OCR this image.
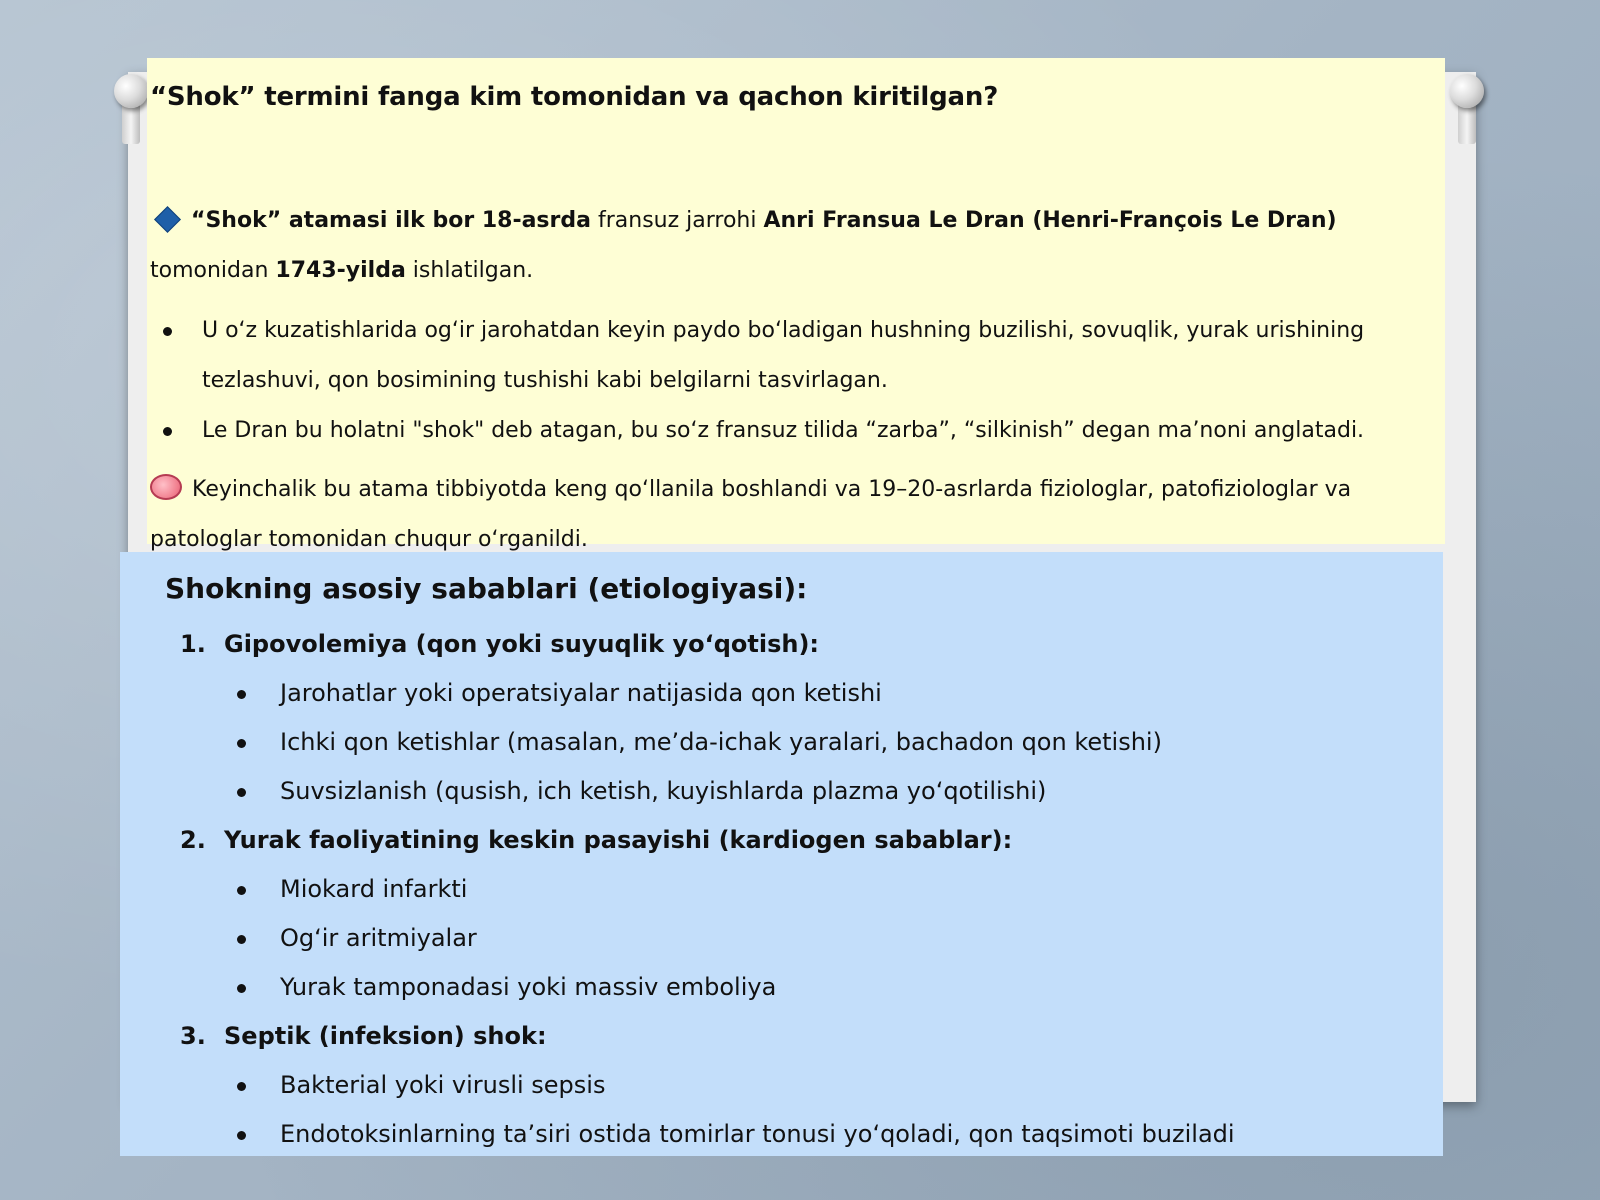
“Shok” termini fanga kim tomonidan va qachon kiritilgan?
“Shok” atamasi ilk bor 18-asrda fransuz jarrohi Anri Fransua Le Dran (Henri-François Le Dran) tomonidan 1743-yilda ishlatilgan.
U o‘z kuzatishlarida og‘ir jarohatdan keyin paydo bo‘ladigan hushning buzilishi, sovuqlik, yurak urishining tezlashuvi, qon bosimining tushishi kabi belgilarni tasvirlagan.
Le Dran bu holatni "shok" deb atagan, bu so‘z fransuz tilida “zarba”, “silkinish” degan ma’noni anglatadi.
Keyinchalik bu atama tibbiyotda keng qo‘llanila boshlandi va 19–20-asrlarda fiziologlar, patofiziologlar va patologlar tomonidan chuqur o‘rganildi.
Shokning asosiy sabablari (etiologiyasi):
1. Gipovolemiya (qon yoki suyuqlik yo‘qotish):
Jarohatlar yoki operatsiyalar natijasida qon ketishi
Ichki qon ketishlar (masalan, me’da-ichak yaralari, bachadon qon ketishi)
Suvsizlanish (qusish, ich ketish, kuyishlarda plazma yo‘qotilishi)
2. Yurak faoliyatining keskin pasayishi (kardiogen sabablar):
Miokard infarkti
Og‘ir aritmiyalar
Yurak tamponadasi yoki massiv emboliya
3. Septik (infeksion) shok:
Bakterial yoki virusli sepsis
Endotoksinlarning ta’siri ostida tomirlar tonusi yo‘qoladi, qon taqsimoti buziladi
